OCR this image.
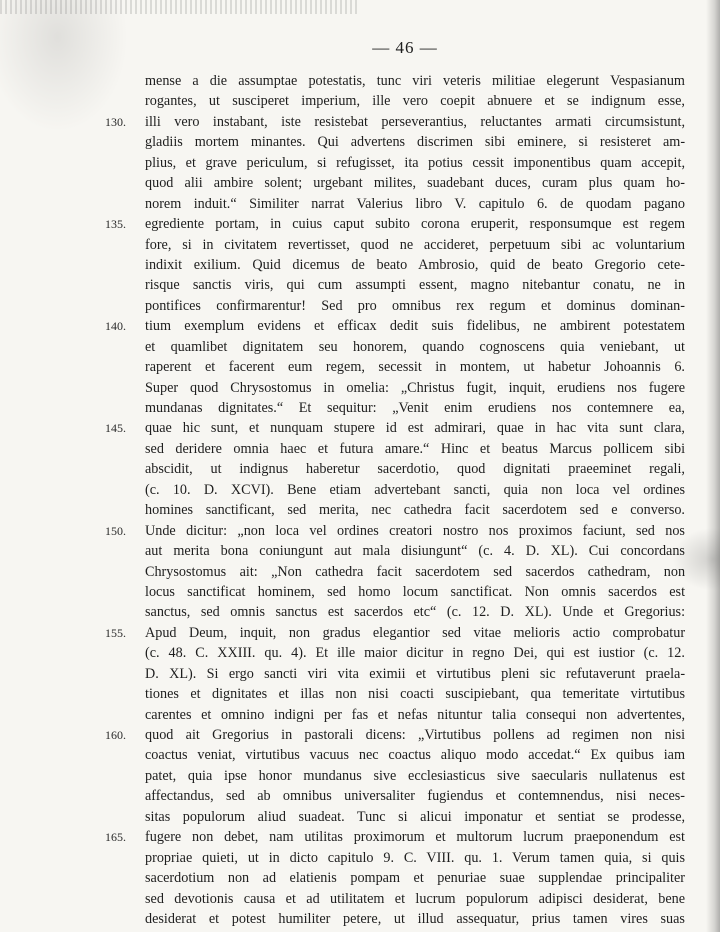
— 46 —
mense a die assumptae potestatis, tunc viri veteris militiae elegerunt Vespasianum
rogantes, ut susciperet imperium, ille vero coepit abnuere et se indignum esse,
130.	illi vero instabant, iste resistebat perseverantius, reluctantes armati circumsistunt,
gladiis mortem minantes. Qui advertens discrimen sibi eminere, si resisteret am-
plius, et grave periculum, si refugisset, ita potius cessit imponentibus quam accepit,
quod alii ambire solent; urgebant milites, suadebant duces, curam plus quam ho-
norem induit.“ Similiter narrat Valerius libro V. capitulo 6. de quodam pagano
135.	egrediente portam, in cuius caput subito corona eruperit, responsumque est regem
fore, si in civitatem revertisset, quod ne accideret, perpetuum sibi ac voluntarium
indixit exilium. Quid dicemus de beato Ambrosio, quid de beato Gregorio cete-
risque sanctis viris, qui cum assumpti essent, magno nitebantur conatu, ne in
pontifices confirmarentur! Sed pro omnibus rex regum et dominus dominan-
140.	tium exemplum evidens et efficax dedit suis fidelibus, ne ambirent potestatem
et quamlibet dignitatem seu honorem, quando cognoscens quia veniebant, ut
raperent et facerent eum regem, secessit in montem, ut habetur Johoannis 6.
Super quod Chrysostomus in omelia: „Christus fugit, inquit, erudiens nos fugere
mundanas dignitates.“ Et sequitur: „Venit enim erudiens nos contemnere ea,
145.	quae hic sunt, et nunquam stupere id est admirari, quae in hac vita sunt clara,
sed deridere omnia haec et futura amare.“ Hinc et beatus Marcus pollicem sibi
abscidit, ut indignus haberetur sacerdotio, quod dignitati praeeminet regali,
(c. 10. D. XCVI). Bene etiam advertebant sancti, quia non loca vel ordines
homines sanctificant, sed merita, nec cathedra facit sacerdotem sed e converso.
150.	Unde dicitur: „non loca vel ordines creatori nostro nos proximos faciunt, sed nos
aut merita bona coniungunt aut mala disiungunt“ (c. 4. D. XL). Cui concordans
Chrysostomus ait: „Non cathedra facit sacerdotem sed sacerdos cathedram, non
locus sanctificat hominem, sed homo locum sanctificat. Non omnis sacerdos est
sanctus, sed omnis sanctus est sacerdos etc“ (c. 12. D. XL). Unde et Gregorius:
155.	Apud Deum, inquit, non gradus elegantior sed vitae melioris actio comprobatur
(c. 48. C. XXIII. qu. 4). Et ille maior dicitur in regno Dei, qui est iustior (c. 12.
D. XL). Si ergo sancti viri vita eximii et virtutibus pleni sic refutaverunt praela-
tiones et dignitates et illas non nisi coacti suscipiebant, qua temeritate virtutibus
carentes et omnino indigni per fas et nefas nituntur talia consequi non advertentes,
160.	quod ait Gregorius in pastorali dicens: „Virtutibus pollens ad regimen non nisi
coactus veniat, virtutibus vacuus nec coactus aliquo modo accedat.“ Ex quibus iam
patet, quia ipse honor mundanus sive ecclesiasticus sive saecularis nullatenus est
affectandus, sed ab omnibus universaliter fugiendus et contemnendus, nisi neces-
sitas populorum aliud suadeat. Tunc si alicui imponatur et sentiat se prodesse,
165.	fugere non debet, nam utilitas proximorum et multorum lucrum praeponendum est
propriae quieti, ut in dicto capitulo 9. C. VIII. qu. 1. Verum tamen quia, si quis
sacerdotium non ad elatienis pompam et penuriae suae supplendae principaliter
sed devotionis causa et ad utilitatem et lucrum populorum adipisci desiderat, bene
desiderat et potest humiliter petere, ut illud assequatur, prius tamen vires suas
